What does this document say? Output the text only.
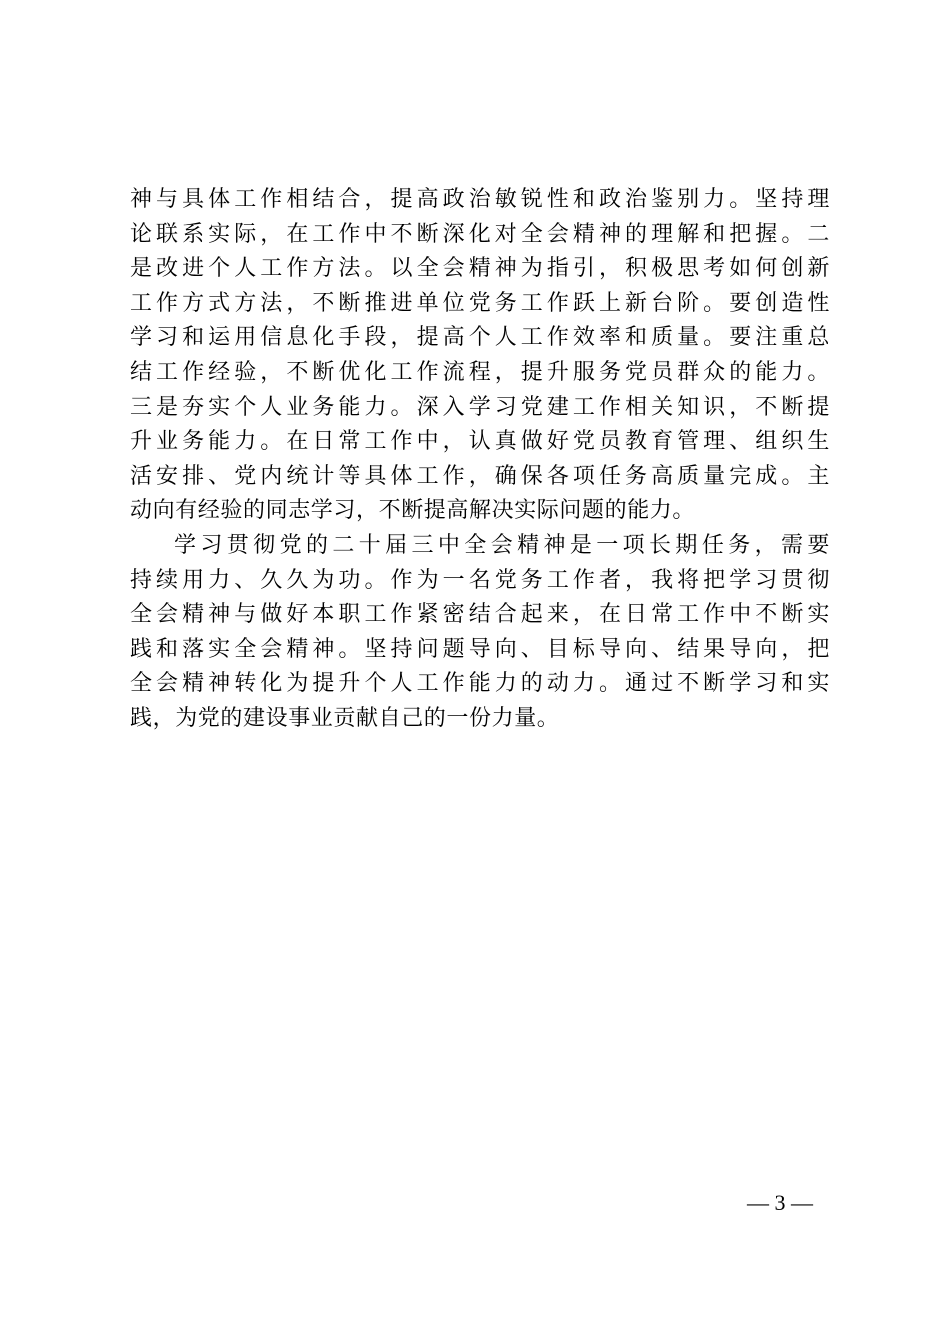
神与具体工作相结合，提高政治敏锐性和政治鉴别力。坚持理
论联系实际，在工作中不断深化对全会精神的理解和把握。二
是改进个人工作方法。以全会精神为指引，积极思考如何创新
工作方式方法，不断推进单位党务工作跃上新台阶。要创造性
学习和运用信息化手段，提高个人工作效率和质量。要注重总
结工作经验，不断优化工作流程，提升服务党员群众的能力。
三是夯实个人业务能力。深入学习党建工作相关知识，不断提
升业务能力。在日常工作中，认真做好党员教育管理、组织生
活安排、党内统计等具体工作，确保各项任务高质量完成。主
动向有经验的同志学习，不断提高解决实际问题的能力。
学习贯彻党的二十届三中全会精神是一项长期任务，需要
持续用力、久久为功。作为一名党务工作者，我将把学习贯彻
全会精神与做好本职工作紧密结合起来，在日常工作中不断实
践和落实全会精神。坚持问题导向、目标导向、结果导向，把
全会精神转化为提升个人工作能力的动力。通过不断学习和实
践，为党的建设事业贡献自己的一份力量。
— 3 —
